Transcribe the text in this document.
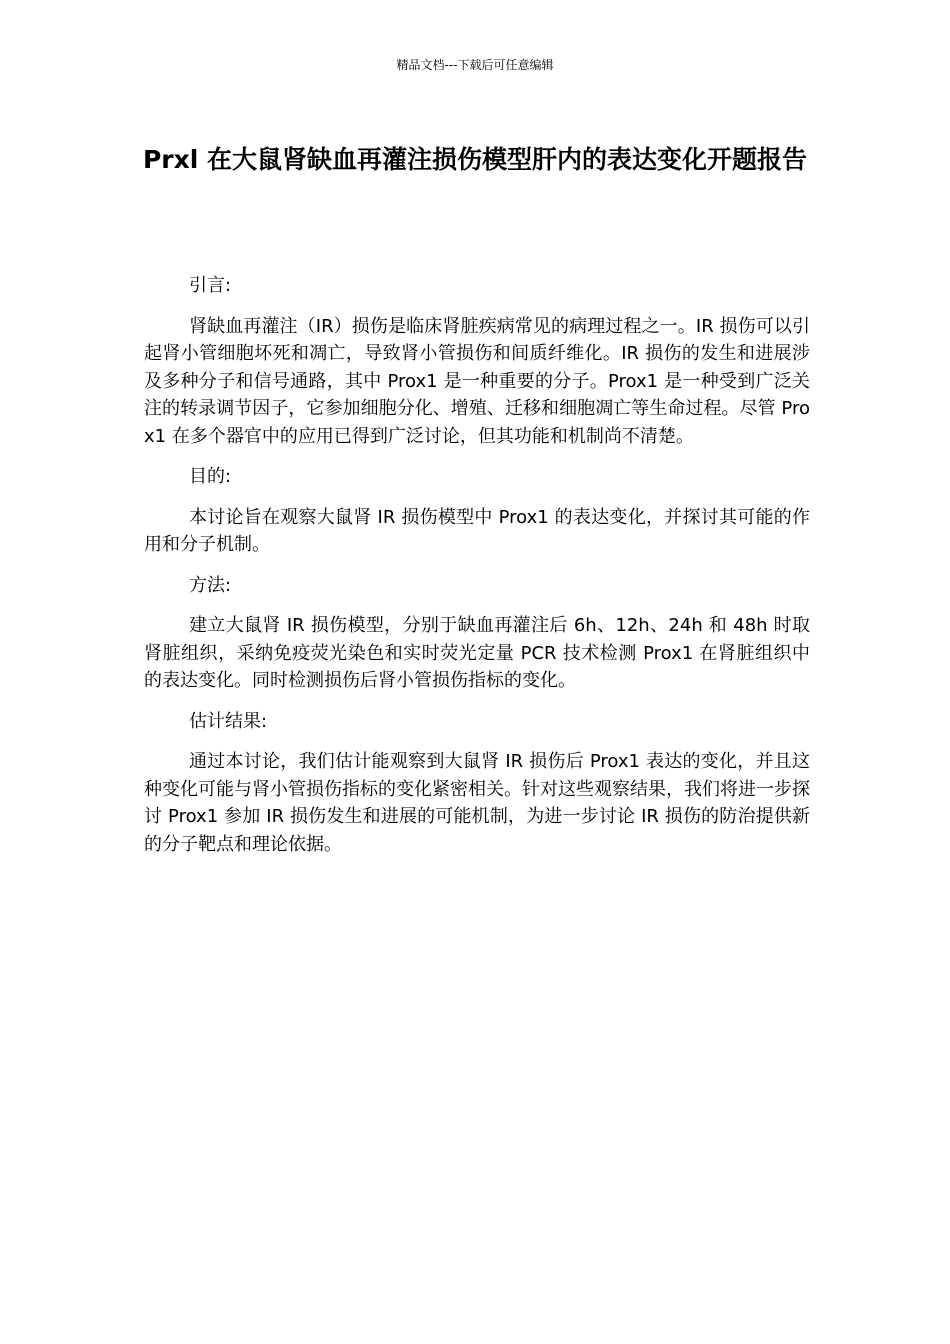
精品文档---下载后可任意编辑
Prxl 在大鼠肾缺血再灌注损伤模型肝内的表达变化开题报告

引言:

肾缺血再灌注（IR）损伤是临床肾脏疾病常见的病理过程之一。IR 损伤可以引起肾小管细胞坏死和凋亡，导致肾小管损伤和间质纤维化。IR 损伤的发生和进展涉及多种分子和信号通路，其中 Prox1 是一种重要的分子。Prox1 是一种受到广泛关注的转录调节因子，它参加细胞分化、增殖、迁移和细胞凋亡等生命过程。尽管 Prox1 在多个器官中的应用已得到广泛讨论，但其功能和机制尚不清楚。

目的:

本讨论旨在观察大鼠肾 IR 损伤模型中 Prox1 的表达变化，并探讨其可能的作用和分子机制。

方法:

建立大鼠肾 IR 损伤模型，分别于缺血再灌注后 6h、12h、24h 和 48h 时取肾脏组织，采纳免疫荧光染色和实时荧光定量 PCR 技术检测 Prox1 在肾脏组织中的表达变化。同时检测损伤后肾小管损伤指标的变化。

估计结果:

通过本讨论，我们估计能观察到大鼠肾 IR 损伤后 Prox1 表达的变化，并且这种变化可能与肾小管损伤指标的变化紧密相关。针对这些观察结果，我们将进一步探讨 Prox1 参加 IR 损伤发生和进展的可能机制，为进一步讨论 IR 损伤的防治提供新的分子靶点和理论依据。
